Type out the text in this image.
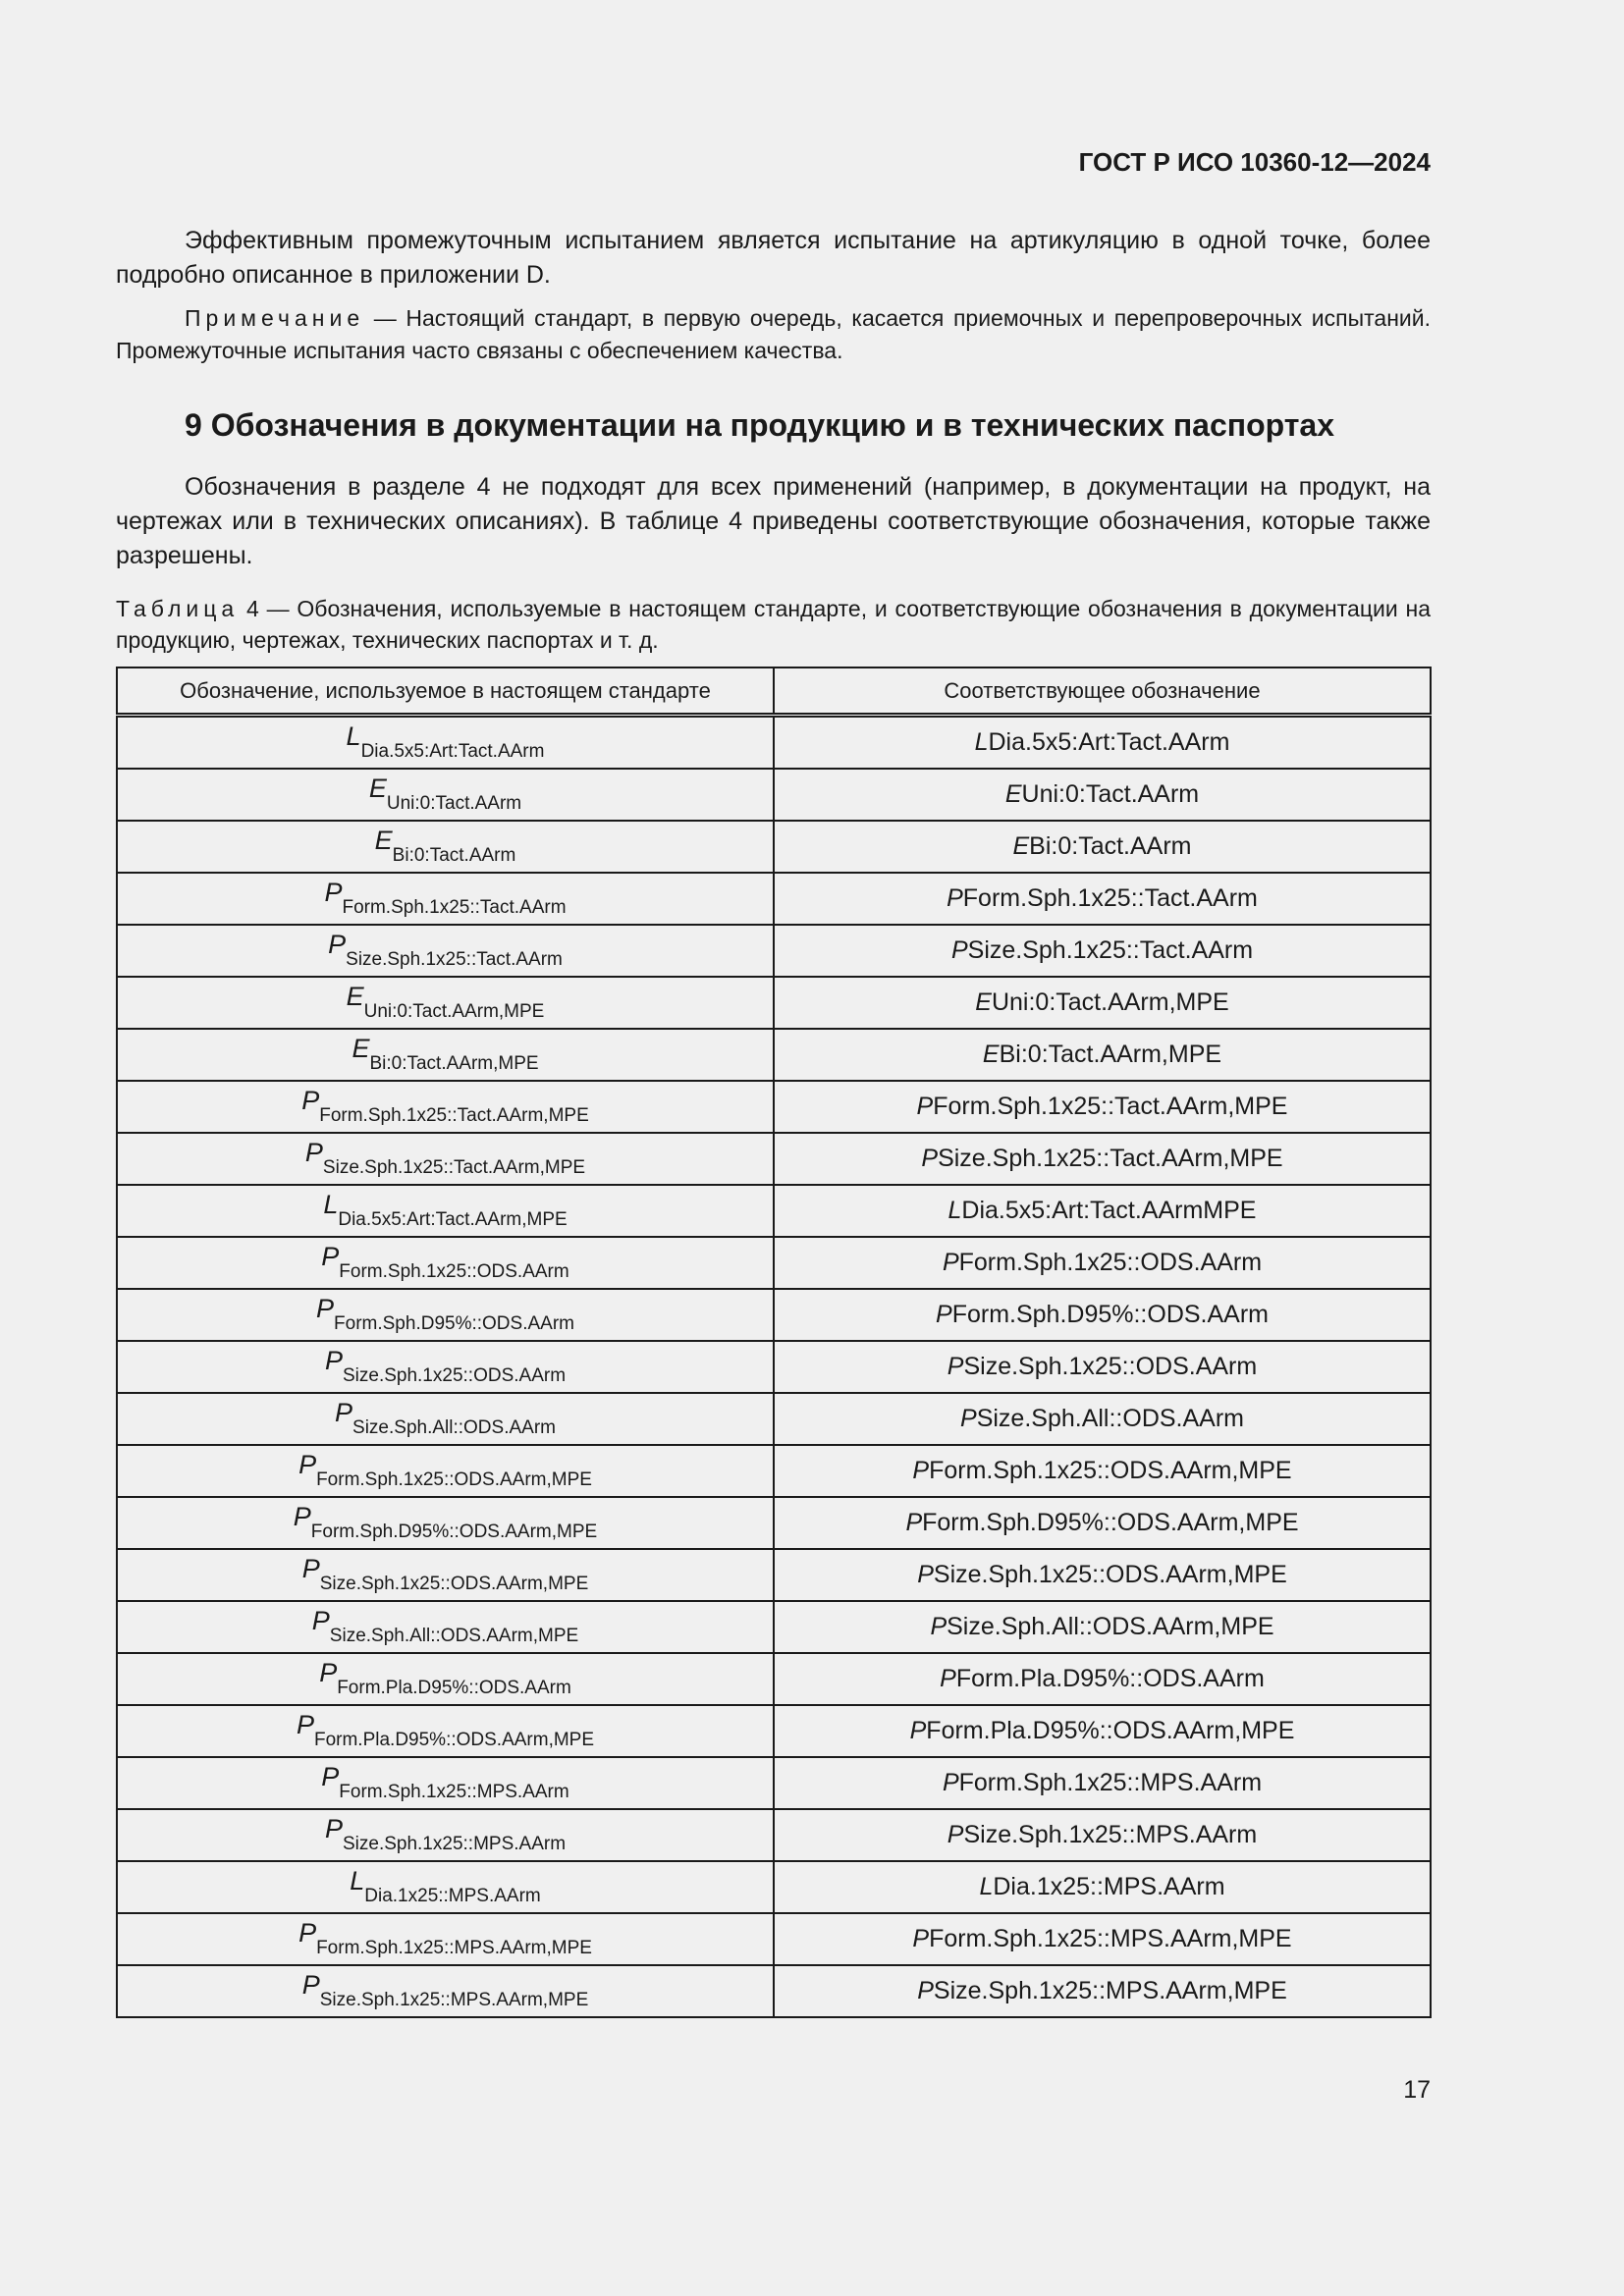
ГОСТ Р ИСО 10360-12—2024

Эффективным промежуточным испытанием является испытание на артикуляцию в одной точке, более подробно описанное в приложении D.

Примечание — Настоящий стандарт, в первую очередь, касается приемочных и перепроверочных испытаний. Промежуточные испытания часто связаны с обеспечением качества.

9 Обозначения в документации на продукцию и в технических паспортах

Обозначения в разделе 4 не подходят для всех применений (например, в документации на продукт, на чертежах или в технических описаниях). В таблице 4 приведены соответствующие обозначения, которые также разрешены.

Таблица 4 — Обозначения, используемые в настоящем стандарте, и соответствующие обозначения в документации на продукцию, чертежах, технических паспортах и т. д.

Обозначение, используемое в настоящем стандарте	Соответствующее обозначение
$L_{Dia.5x5:Art:Tact.AArm}$	LDia.5x5:Art:Tact.AArm
$E_{Uni:0:Tact.AArm}$	EUni:0:Tact.AArm
$E_{Bi:0:Tact.AArm}$	EBi:0:Tact.AArm
$P_{Form.Sph.1x25::Tact.AArm}$	PForm.Sph.1x25::Tact.AArm
$P_{Size.Sph.1x25::Tact.AArm}$	PSize.Sph.1x25::Tact.AArm
$E_{Uni:0:Tact.AArm,MPE}$	EUni:0:Tact.AArm,MPE
$E_{Bi:0:Tact.AArm,MPE}$	EBi:0:Tact.AArm,MPE
$P_{Form.Sph.1x25::Tact.AArm,MPE}$	PForm.Sph.1x25::Tact.AArm,MPE
$P_{Size.Sph.1x25::Tact.AArm,MPE}$	PSize.Sph.1x25::Tact.AArm,MPE
$L_{Dia.5x5:Art:Tact.AArm,MPE}$	LDia.5x5:Art:Tact.AArmMPE
$P_{Form.Sph.1x25::ODS.AArm}$	PForm.Sph.1x25::ODS.AArm
$P_{Form.Sph.D95\%::ODS.AArm}$	PForm.Sph.D95%::ODS.AArm
$P_{Size.Sph.1x25::ODS.AArm}$	PSize.Sph.1x25::ODS.AArm
$P_{Size.Sph.All::ODS.AArm}$	PSize.Sph.All::ODS.AArm
$P_{Form.Sph.1x25::ODS.AArm,MPE}$	PForm.Sph.1x25::ODS.AArm,MPE
$P_{Form.Sph.D95\%::ODS.AArm,MPE}$	PForm.Sph.D95%::ODS.AArm,MPE
$P_{Size.Sph.1x25::ODS.AArm,MPE}$	PSize.Sph.1x25::ODS.AArm,MPE
$P_{Size.Sph.All::ODS.AArm,MPE}$	PSize.Sph.All::ODS.AArm,MPE
$P_{Form.Pla.D95\%::ODS.AArm}$	PForm.Pla.D95%::ODS.AArm
$P_{Form.Pla.D95\%::ODS.AArm,MPE}$	PForm.Pla.D95%::ODS.AArm,MPE
$P_{Form.Sph.1x25::MPS.AArm}$	PForm.Sph.1x25::MPS.AArm
$P_{Size.Sph.1x25::MPS.AArm}$	PSize.Sph.1x25::MPS.AArm
$L_{Dia.1x25::MPS.AArm}$	LDia.1x25::MPS.AArm
$P_{Form.Sph.1x25::MPS.AArm,MPE}$	PForm.Sph.1x25::MPS.AArm,MPE
$P_{Size.Sph.1x25::MPS.AArm,MPE}$	PSize.Sph.1x25::MPS.AArm,MPE
17
